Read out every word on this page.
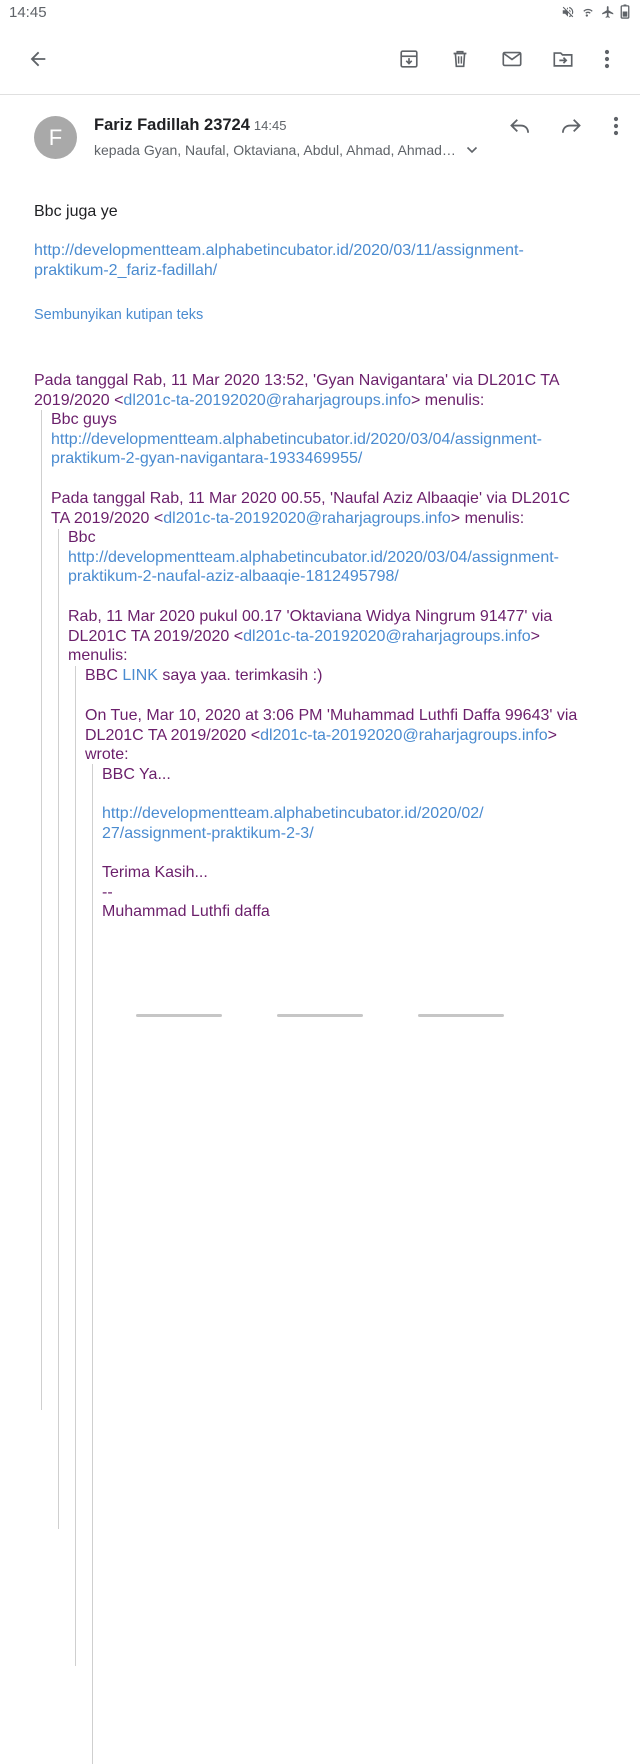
14:45
F	Fariz Fadillah 23724 14:45
kepada Gyan, Naufal, Oktaviana, Abdul, Ahmad, Ahmad…
Bbc juga ye
http://developmentteam.alphabetincubator.id/2020/03/11/assignment-
praktikum-2_fariz-fadillah/
Sembunyikan kutipan teks
Pada tanggal Rab, 11 Mar 2020 13:52, 'Gyan Navigantara' via DL201C TA
2019/2020 <dl201c-ta-20192020@raharjagroups.info> menulis:
Bbc guys
http://developmentteam.alphabetincubator.id/2020/03/04/assignment-
praktikum-2-gyan-navigantara-1933469955/
Pada tanggal Rab, 11 Mar 2020 00.55, 'Naufal Aziz Albaaqie' via DL201C
TA 2019/2020 <dl201c-ta-20192020@raharjagroups.info> menulis:
Bbc
http://developmentteam.alphabetincubator.id/2020/03/04/assignment-
praktikum-2-naufal-aziz-albaaqie-1812495798/
Rab, 11 Mar 2020 pukul 00.17 'Oktaviana Widya Ningrum 91477' via
DL201C TA 2019/2020 <dl201c-ta-20192020@raharjagroups.info>
menulis:
BBC LINK saya yaa. terimkasih :)
On Tue, Mar 10, 2020 at 3:06 PM 'Muhammad Luthfi Daffa 99643' via
DL201C TA 2019/2020 <dl201c-ta-20192020@raharjagroups.info>
wrote:
BBC Ya...
http://developmentteam.alphabetincubator.id/2020/02/
27/assignment-praktikum-2-3/
Terima Kasih...
--
Muhammad Luthfi daffa
